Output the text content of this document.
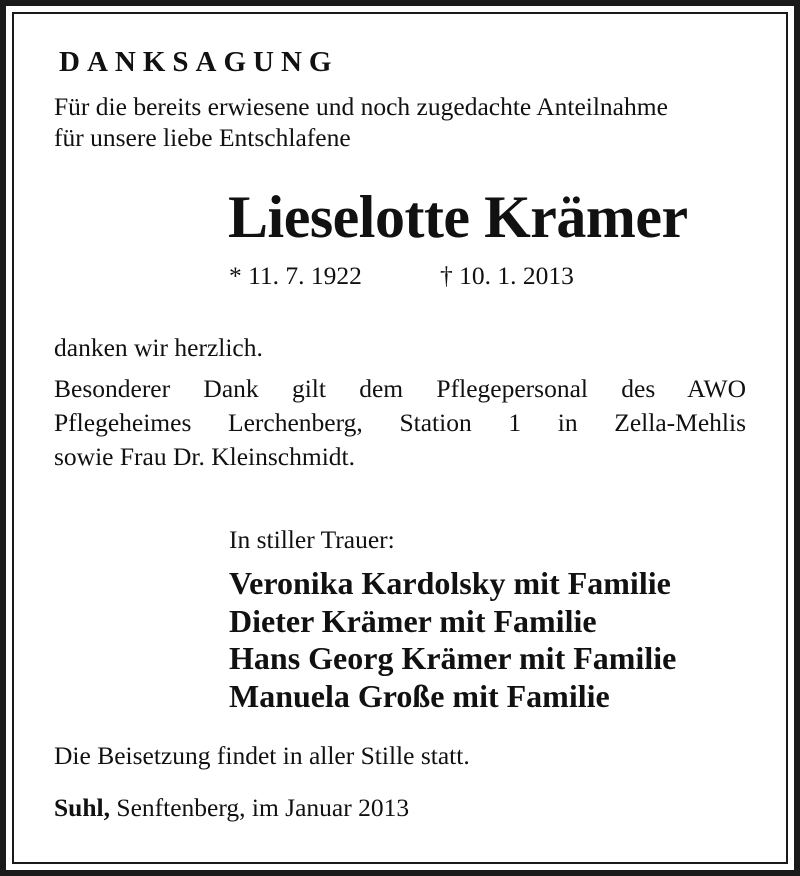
DANKSAGUNG

Für die bereits erwiesene und noch zugedachte Anteilnahme
für unsere liebe Entschlafene

Lieselotte Krämer
* 11. 7. 1922	† 10. 1. 2013

danken wir herzlich.

Besonderer Dank gilt dem Pflegepersonal des AWO
Pflegeheimes Lerchenberg, Station 1 in Zella-Mehlis
sowie Frau Dr. Kleinschmidt.
In stiller Trauer:
Veronika Kardolsky mit Familie
Dieter Krämer mit Familie
Hans Georg Krämer mit Familie
Manuela Große mit Familie

Die Beisetzung findet in aller Stille statt.

Suhl, Senftenberg, im Januar 2013
